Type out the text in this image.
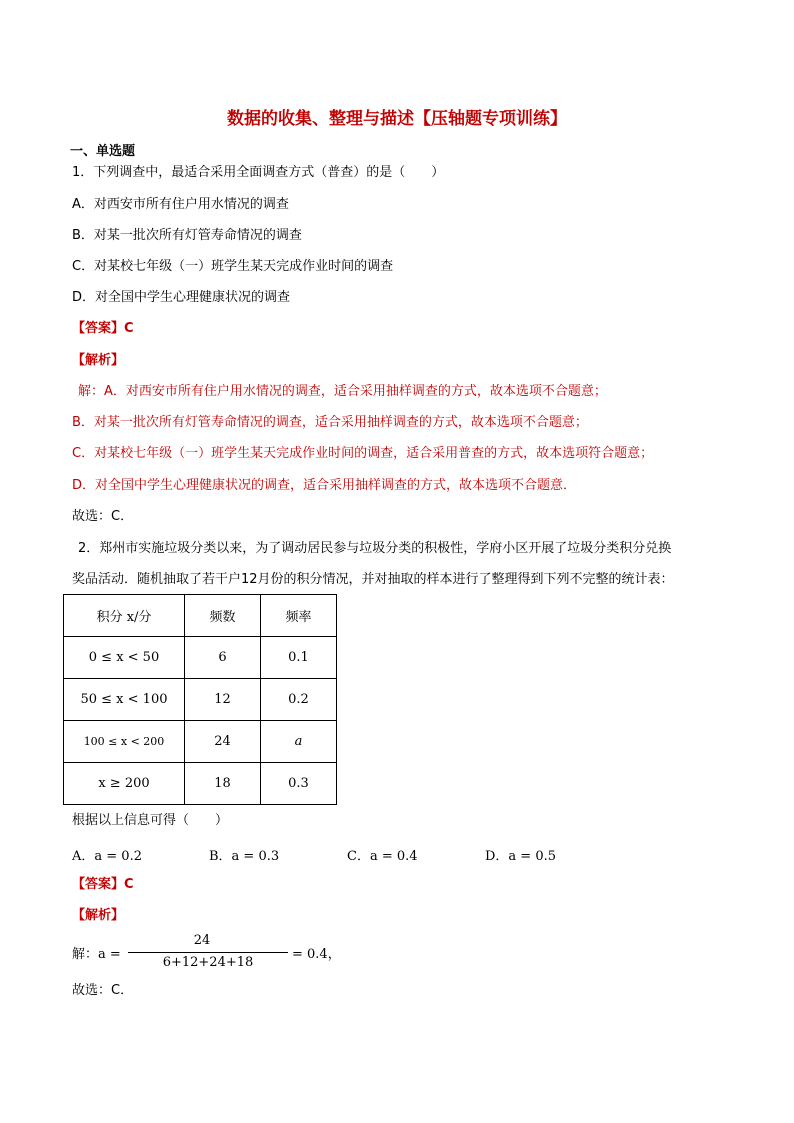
数据的收集、整理与描述【压轴题专项训练】
一、单选题
1．下列调查中，最适合采用全面调查方式（普查）的是（　　）
A．对西安市所有住户用水情况的调查
B．对某一批次所有灯管寿命情况的调查
C．对某校七年级（一）班学生某天完成作业时间的调查
D．对全国中学生心理健康状况的调查
【答案】C
【解析】
解：A．对西安市所有住户用水情况的调查，适合采用抽样调查的方式，故本选项不合题意；
B．对某一批次所有灯管寿命情况的调查，适合采用抽样调查的方式，故本选项不合题意；
C．对某校七年级（一）班学生某天完成作业时间的调查，适合采用普查的方式，故本选项符合题意；
D．对全国中学生心理健康状况的调查，适合采用抽样调查的方式，故本选项不合题意．
故选：C．
2．郑州市实施垃圾分类以来，为了调动居民参与垃圾分类的积极性，学府小区开展了垃圾分类积分兑换
奖品活动．随机抽取了若干户12月份的积分情况，并对抽取的样本进行了整理得到下列不完整的统计表：
积分 x/分	频数	频率
0 ≤ x < 50	6	0.1
50 ≤ x < 100	12	0.2
100 ≤ x < 200	24	a
x ≥ 200	18	0.3
根据以上信息可得（　　）
A．a = 0.2	B．a = 0.3	C．a = 0.4	D．a = 0.5
【答案】C
【解析】
解：a =
24
6+12+24+18
= 0.4，
故选：C．
